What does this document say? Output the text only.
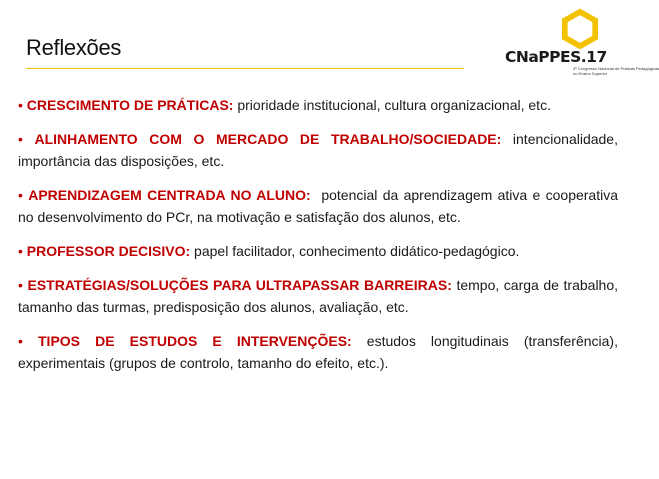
Reflexões	CNaPPES.17
3º Congresso Nacional de Práticas Pedagógicas
no Ensino Superior
• CRESCIMENTO DE PRÁTICAS: prioridade institucional, cultura organizacional, etc.
• ALINHAMENTO COM O MERCADO DE TRABALHO/SOCIEDADE: intencionalidade, importância das disposições, etc.
• APRENDIZAGEM CENTRADA NO ALUNO:  potencial da aprendizagem ativa e cooperativa no desenvolvimento do PCr, na motivação e satisfação dos alunos, etc.
• PROFESSOR DECISIVO: papel facilitador, conhecimento didático-pedagógico.
• ESTRATÉGIAS/SOLUÇÕES PARA ULTRAPASSAR BARREIRAS: tempo, carga de trabalho, tamanho das turmas, predisposição dos alunos, avaliação, etc.
• TIPOS DE ESTUDOS E INTERVENÇÕES: estudos longitudinais (transferência), experimentais (grupos de controlo, tamanho do efeito, etc.).
